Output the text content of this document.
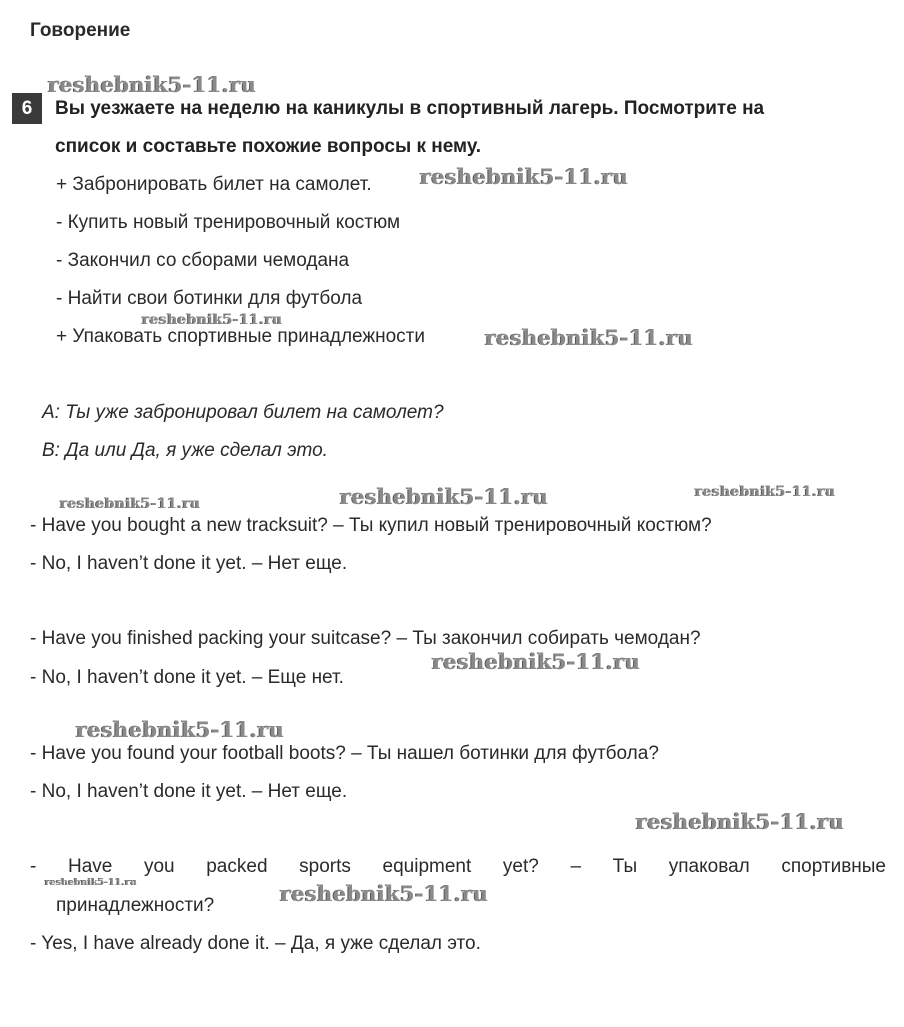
Говорение
6	Вы уезжаете на неделю на каникулы в спортивный лагерь. Посмотрите на
список и составьте похожие вопросы к нему.
+ Забронировать билет на самолет.
- Купить новый тренировочный костюм
- Закончил со сборами чемодана
- Найти свои ботинки для футбола
+ Упаковать спортивные принадлежности
A: Ты уже забронировал билет на самолет?
B: Да или Да, я уже сделал это.
- Have you bought a new tracksuit? – Ты купил новый тренировочный костюм?
- No, I haven’t done it yet. – Нет еще.
- Have you finished packing your suitcase? – Ты закончил собирать чемодан?
- No, I haven’t done it yet. – Еще нет.
- Have you found your football boots? – Ты нашел ботинки для футбола?
- No, I haven’t done it yet. – Нет еще.
- Have you packed sports equipment yet? – Ты упаковал спортивные
принадлежности?
- Yes, I have already done it. – Да, я уже сделал это.
reshebnik5-11.ru
reshebnik5-11.ru
reshebnik5-11.ru
reshebnik5-11.ru
reshebnik5-11.ru	reshebnik5-11.ru	reshebnik5-11.ru
reshebnik5-11.ru
reshebnik5-11.ru
reshebnik5-11.ru
reshebnik5-11.ru	reshebnik5-11.ru
